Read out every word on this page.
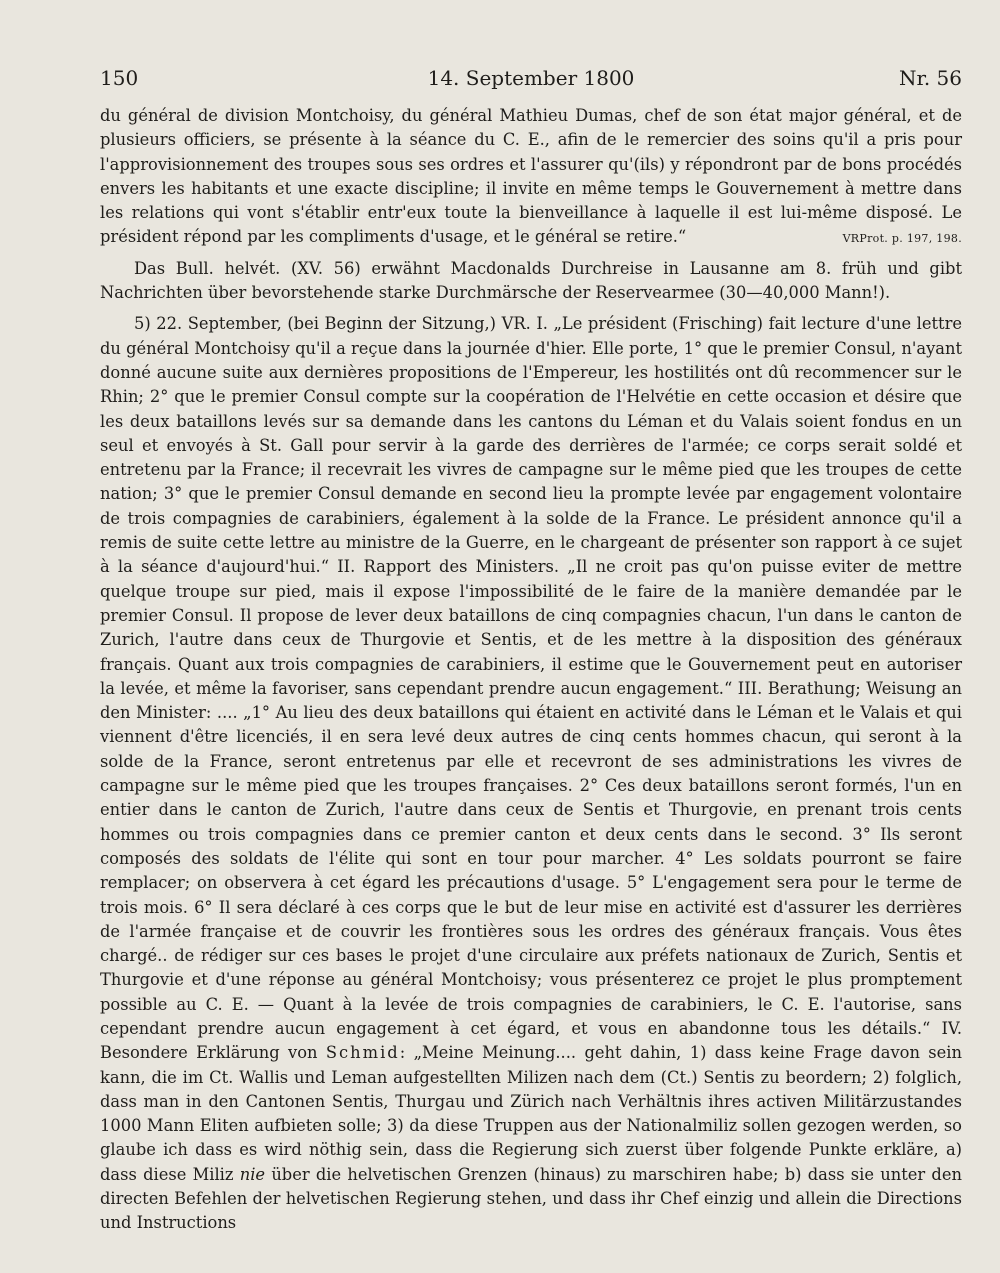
150	14. September 1800	Nr. 56

du général de division Montchoisy, du général Mathieu Dumas, chef de son état major général, et de plusieurs officiers, se présente à la séance du C. E., afin de le remercier des soins qu'il a pris pour l'approvisionnement des troupes sous ses ordres et l'assurer qu'(ils) y répondront par de bons procédés envers les habitants et une exacte discipline; il invite en même temps le Gouvernement à mettre dans les relations qui vont s'établir entr'eux toute la bienveillance à laquelle il est lui-même disposé. Le président répond par les compliments d'usage, et le général se retire.“	VRProt. p. 197, 198.

Das Bull. helvét. (XV. 56) erwähnt Macdonalds Durchreise in Lausanne am 8. früh und gibt Nachrichten über bevorstehende starke Durchmärsche der Reservearmee (30—40,000 Mann!).

5) 22. September, (bei Beginn der Sitzung,) VR. I. „Le président (Frisching) fait lecture d'une lettre du général Montchoisy qu'il a reçue dans la journée d'hier. Elle porte, 1° que le premier Consul, n'ayant donné aucune suite aux dernières propositions de l'Empereur, les hostilités ont dû recommencer sur le Rhin; 2° que le premier Consul compte sur la coopération de l'Helvétie en cette occasion et désire que les deux bataillons levés sur sa demande dans les cantons du Léman et du Valais soient fondus en un seul et envoyés à St. Gall pour servir à la garde des derrières de l'armée; ce corps serait soldé et entretenu par la France; il recevrait les vivres de campagne sur le même pied que les troupes de cette nation; 3° que le premier Consul demande en second lieu la prompte levée par engagement volontaire de trois compagnies de carabiniers, également à la solde de la France. Le président annonce qu'il a remis de suite cette lettre au ministre de la Guerre, en le chargeant de présenter son rapport à ce sujet à la séance d'aujourd'hui.“ II. Rapport des Ministers. „Il ne croit pas qu'on puisse eviter de mettre quelque troupe sur pied, mais il expose l'impossibilité de le faire de la manière demandée par le premier Consul. Il propose de lever deux bataillons de cinq compagnies chacun, l'un dans le canton de Zurich, l'autre dans ceux de Thurgovie et Sentis, et de les mettre à la disposition des généraux français. Quant aux trois compagnies de carabiniers, il estime que le Gouvernement peut en autoriser la levée, et même la favoriser, sans cependant prendre aucun engagement.“ III. Berathung; Weisung an den Minister: .... „1° Au lieu des deux bataillons qui étaient en activité dans le Léman et le Valais et qui viennent d'être licenciés, il en sera levé deux autres de cinq cents hommes chacun, qui seront à la solde de la France, seront entretenus par elle et recevront de ses administrations les vivres de campagne sur le même pied que les troupes françaises. 2° Ces deux bataillons seront formés, l'un en entier dans le canton de Zurich, l'autre dans ceux de Sentis et Thurgovie, en prenant trois cents hommes ou trois compagnies dans ce premier canton et deux cents dans le second. 3° Ils seront composés des soldats de l'élite qui sont en tour pour marcher. 4° Les soldats pourront se faire remplacer; on observera à cet égard les précautions d'usage. 5° L'engagement sera pour le terme de trois mois. 6° Il sera déclaré à ces corps que le but de leur mise en activité est d'assurer les derrières de l'armée française et de couvrir les frontières sous les ordres des généraux français. Vous êtes chargé.. de rédiger sur ces bases le projet d'une circulaire aux préfets nationaux de Zurich, Sentis et Thurgovie et d'une réponse au général Montchoisy; vous présenterez ce projet le plus promptement possible au C. E. — Quant à la levée de trois compagnies de carabiniers, le C. E. l'autorise, sans cependant prendre aucun engagement à cet égard, et vous en abandonne tous les détails.“ IV. Besondere Erklärung von Schmid: „Meine Meinung.... geht dahin, 1) dass keine Frage davon sein kann, die im Ct. Wallis und Leman aufgestellten Milizen nach dem (Ct.) Sentis zu beordern; 2) folglich, dass man in den Cantonen Sentis, Thurgau und Zürich nach Verhältnis ihres activen Militärzustandes 1000 Mann Eliten aufbieten solle; 3) da diese Truppen aus der Nationalmiliz sollen gezogen werden, so glaube ich dass es wird nöthig sein, dass die Regierung sich zuerst über folgende Punkte erkläre, a) dass diese Miliz nie über die helvetischen Grenzen (hinaus) zu marschiren habe; b) dass sie unter den directen Befehlen der helvetischen Regierung stehen, und dass ihr Chef einzig und allein die Directions und Instructions
